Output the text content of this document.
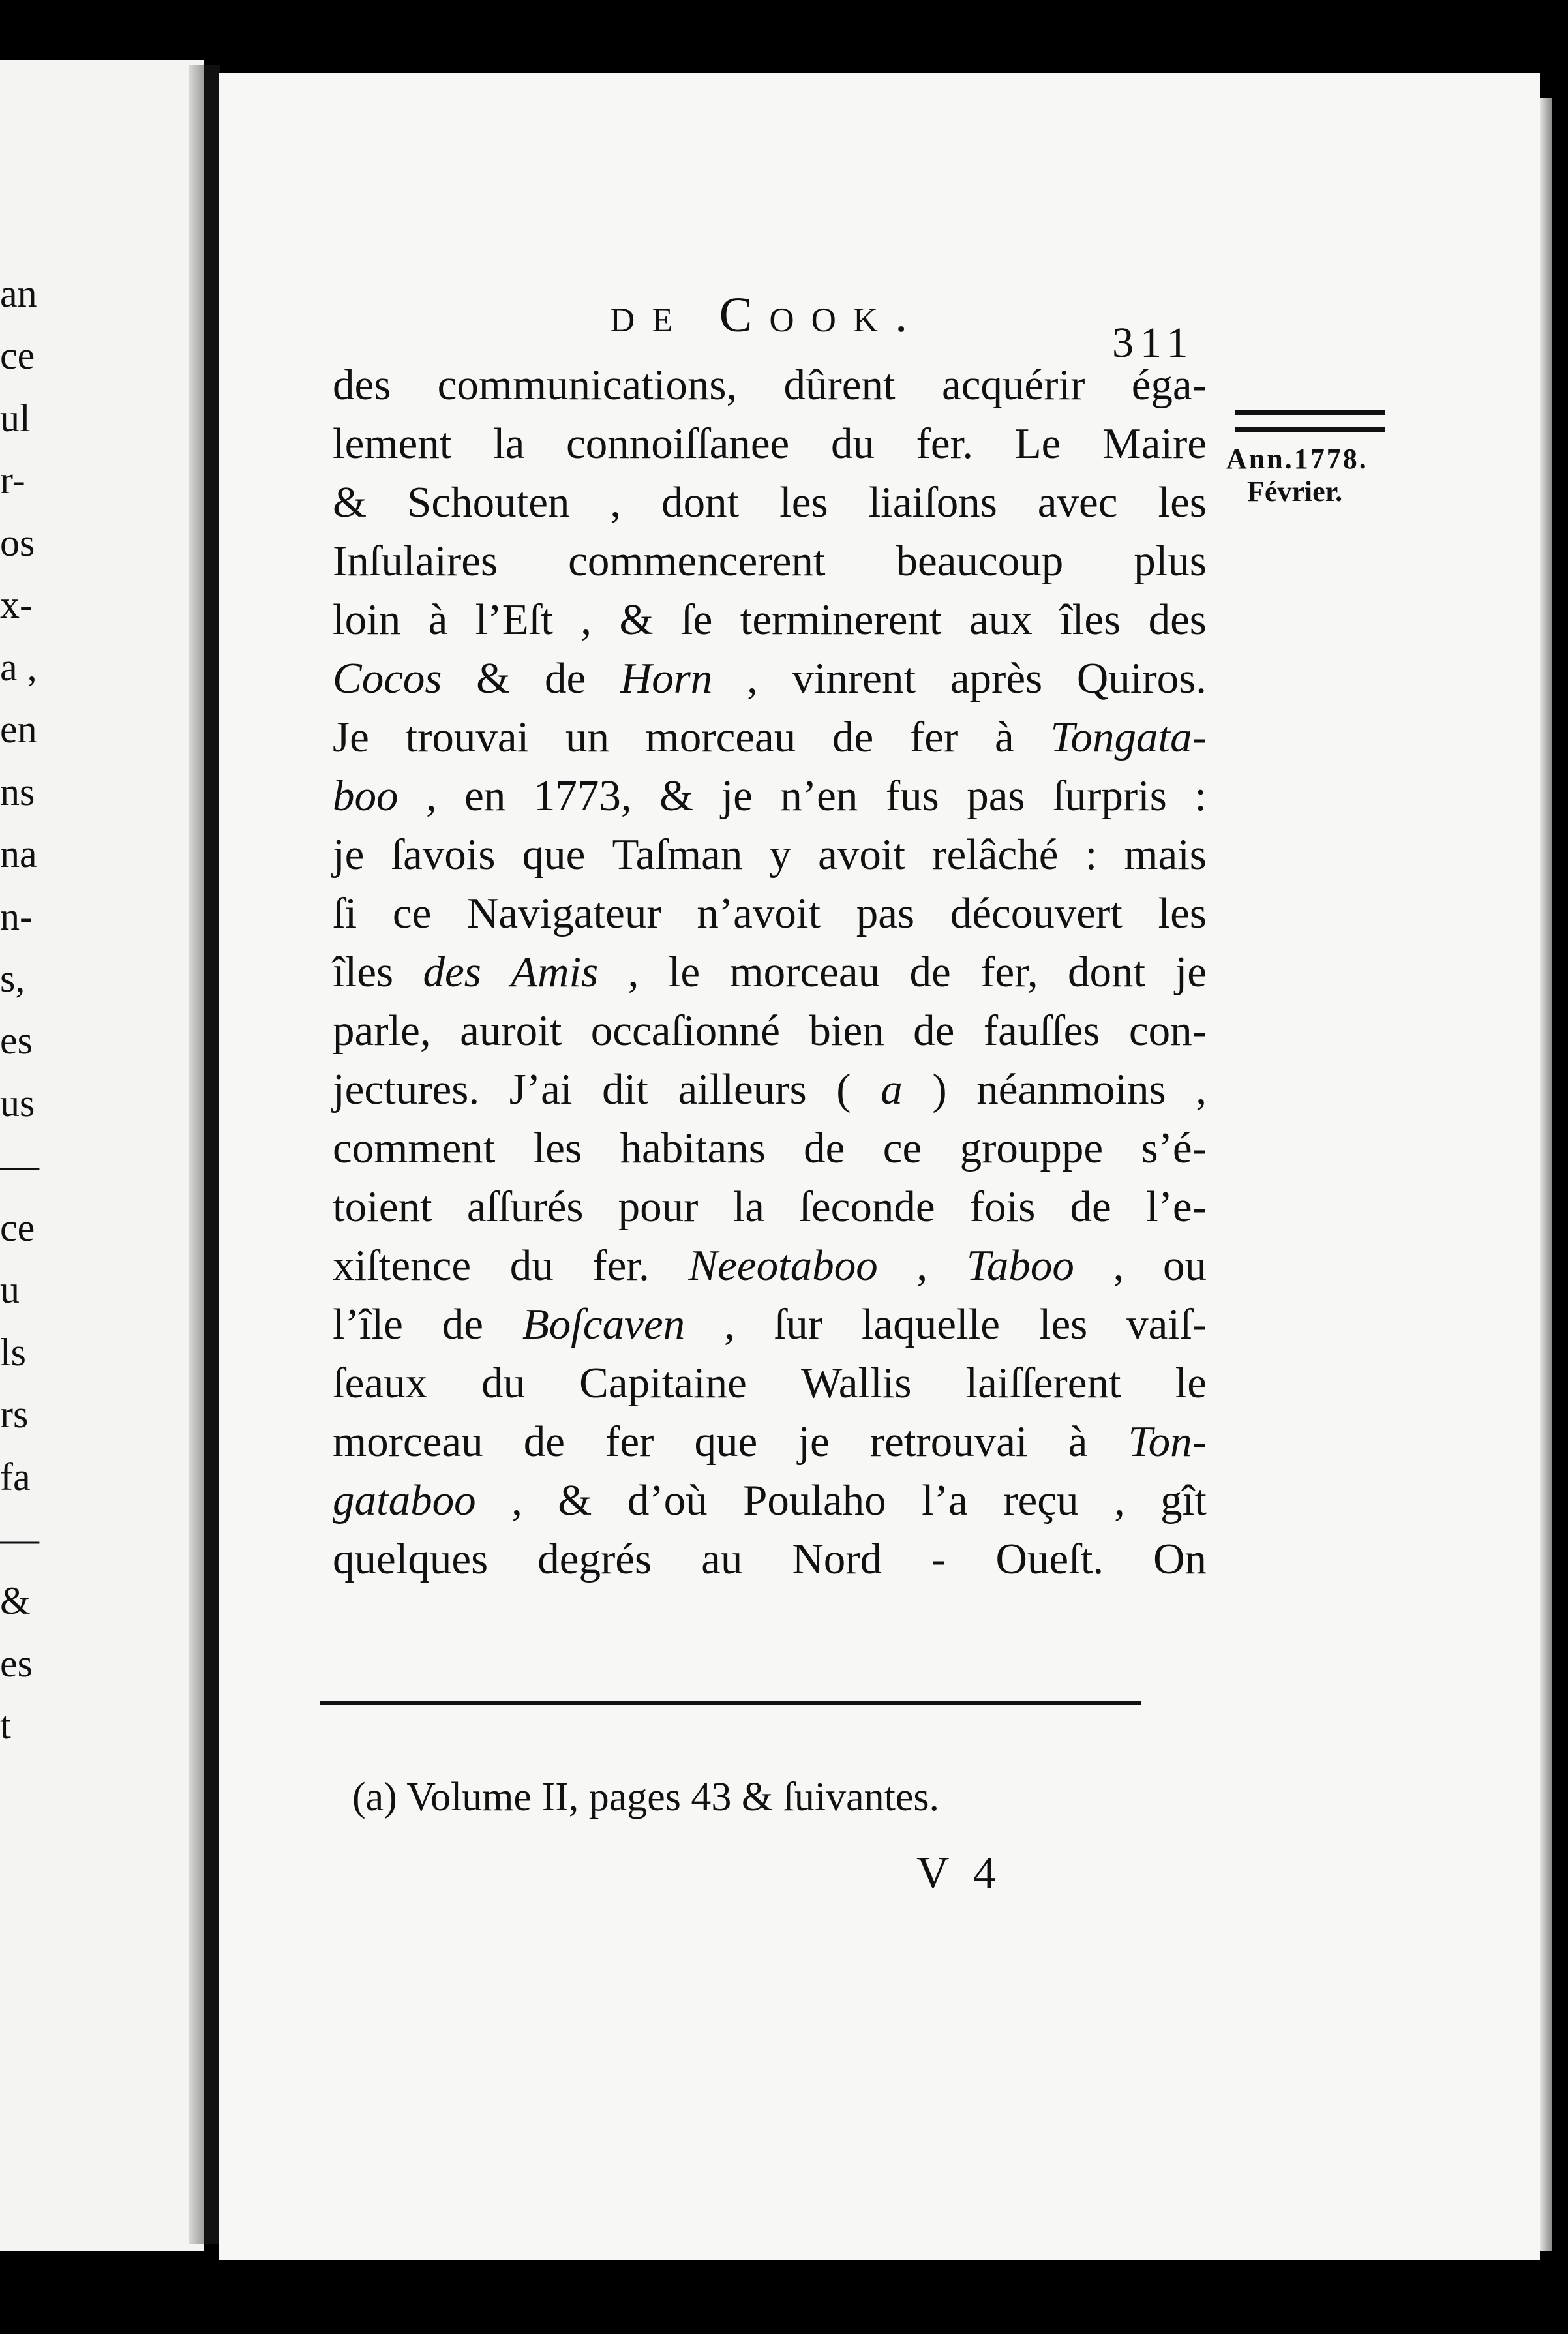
an
ce
ul
r-
os
x-
a ,
en
ns
na
n-
s,
es
us
—
ce
u
ls
rs
fa
—
&
es
t
de Cook.
311
Ann.1778.
Février.
des communications, dûrent acquérir éga-
lement la connoiſſanee du fer. Le Maire
& Schouten , dont les liaiſons avec les
Inſulaires commencerent beaucoup plus
loin à l’Eſt , & ſe terminerent aux îles des
Cocos & de Horn , vinrent après Quiros.
Je trouvai un morceau de fer à Tongata-
boo , en 1773, & je n’en fus pas ſurpris :
je ſavois que Taſman y avoit relâché : mais
ſi ce Navigateur n’avoit pas découvert les
îles des Amis , le morceau de fer, dont je
parle, auroit occaſionné bien de fauſſes con-
jectures. J’ai dit ailleurs ( a ) néanmoins ,
comment les habitans de ce grouppe s’é-
toient aſſurés pour la ſeconde fois de l’e-
xiſtence du fer. Neeotaboo , Taboo , ou
l’île de Boſcaven , ſur laquelle les vaiſ-
ſeaux du Capitaine Wallis laiſſerent le
morceau de fer que je retrouvai à Ton-
gataboo , & d’où Poulaho l’a reçu , gît
quelques degrés au Nord - Oueſt. On
(a) Volume II, pages 43 & ſuivantes.
V 4
